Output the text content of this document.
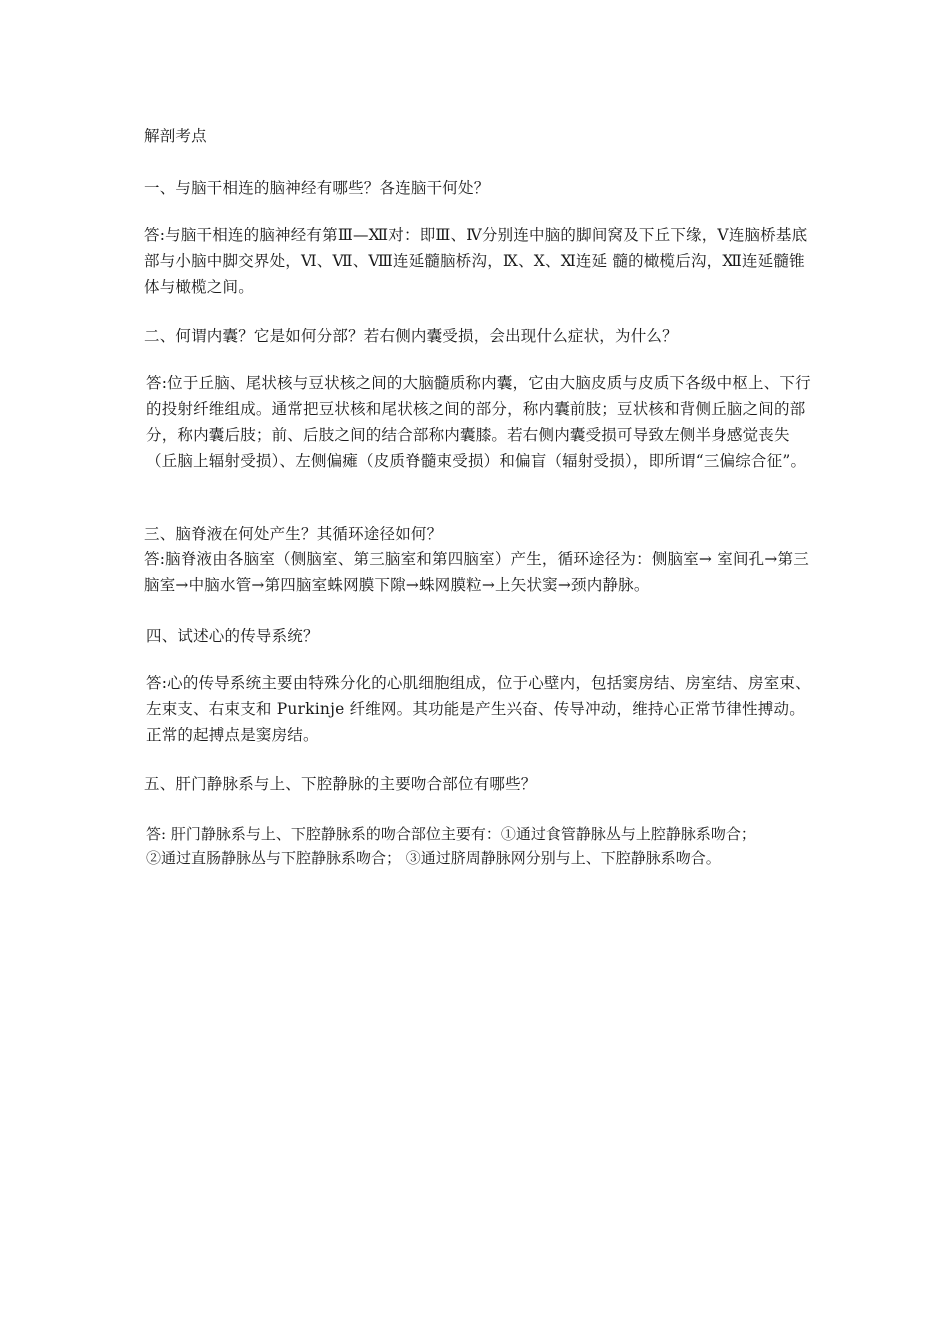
解剖考点
一、与脑干相连的脑神经有哪些？各连脑干何处？
答:与脑干相连的脑神经有第Ⅲ—Ⅻ对：即Ⅲ、Ⅳ分别连中脑的脚间窝及下丘下缘，Ⅴ连脑桥基底部与小脑中脚交界处，Ⅵ、Ⅶ、Ⅷ连延髓脑桥沟，Ⅸ、Ⅹ、Ⅺ连延 髓的橄榄后沟，Ⅻ连延髓锥体与橄榄之间。
二、何谓内囊？它是如何分部？若右侧内囊受损，会出现什么症状，为什么？
答:位于丘脑、尾状核与豆状核之间的大脑髓质称内囊，它由大脑皮质与皮质下各级中枢上、下行的投射纤维组成。通常把豆状核和尾状核之间的部分，称内囊前肢；豆状核和背侧丘脑之间的部分，称内囊后肢；前、后肢之间的结合部称内囊膝。若右侧内囊受损可导致左侧半身感觉丧失（丘脑上辐射受损）、左侧偏瘫（皮质脊髓束受损）和偏盲（辐射受损），即所谓“三偏综合征”。
三、脑脊液在何处产生？其循环途径如何？
答:脑脊液由各脑室（侧脑室、第三脑室和第四脑室）产生，循环途径为：侧脑室→ 室间孔→第三脑室→中脑水管→第四脑室蛛网膜下隙→蛛网膜粒→上矢状窦→颈内静脉。
四、试述心的传导系统？
答:心的传导系统主要由特殊分化的心肌细胞组成，位于心壁内，包括窦房结、房室结、房室束、左束支、右束支和 Purkinje 纤维网。其功能是产生兴奋、传导冲动，维持心正常节律性搏动。正常的起搏点是窦房结。
五、肝门静脉系与上、下腔静脉的主要吻合部位有哪些？
答: 肝门静脉系与上、下腔静脉系的吻合部位主要有：①通过食管静脉丛与上腔静脉系吻合；
②通过直肠静脉丛与下腔静脉系吻合； ③通过脐周静脉网分别与上、下腔静脉系吻合。
